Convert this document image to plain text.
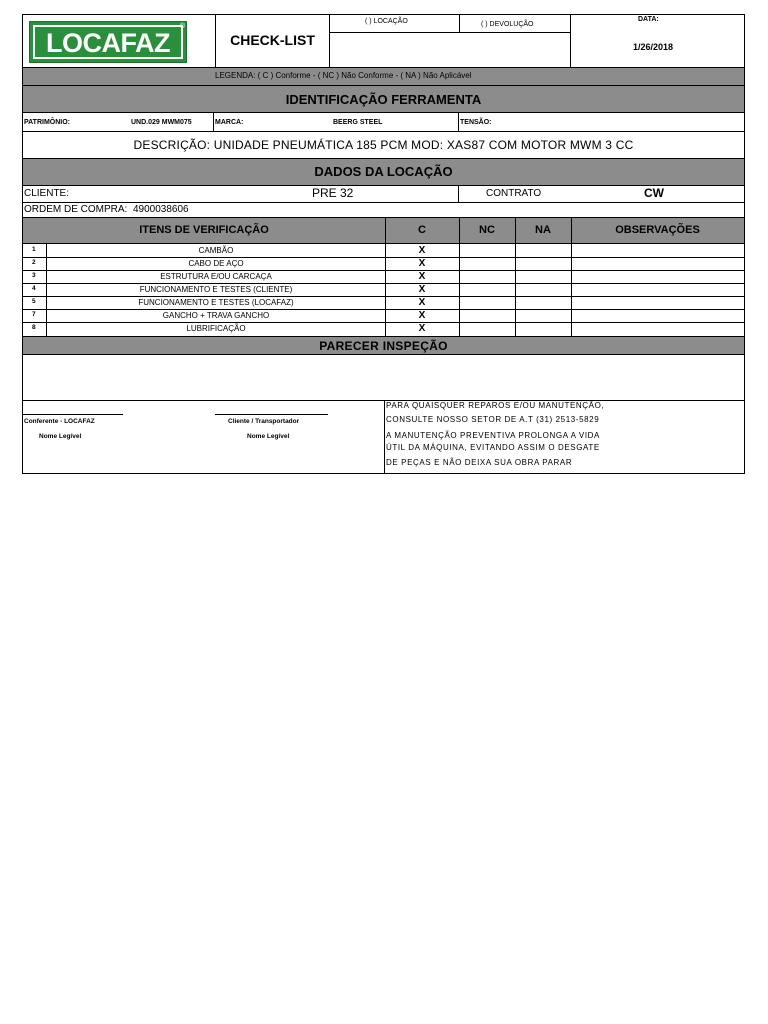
LOCAFAZ
®
CHECK-LIST
( ) LOCAÇÃO	( ) DEVOLUÇÃO
DATA:
1/26/2018
LEGENDA: ( C ) Conforme - ( NC ) Não Conforme - ( NA ) Não Aplicável
IDENTIFICAÇÃO FERRAMENTA
PATRIMÔNIO:	UND.029 MWM075	MARCA:	BEERG STEEL	TENSÃO:
DESCRIÇÃO: UNIDADE PNEUMÁTICA 185 PCM MOD: XAS87 COM MOTOR MWM 3 CC
DADOS DA LOCAÇÃO
CLIENTE:	PRE 32	CONTRATO	CW
ORDEM DE COMPRA: 4900038606
ITENS DE VERIFICAÇÃO	C	NC	NA	OBSERVAÇÕES
1	CAMBÃO	X
2	CABO DE AÇO	X
3	ESTRUTURA E/OU CARCAÇA	X
4	FUNCIONAMENTO E TESTES (CLIENTE)	X
5	FUNCIONAMENTO E TESTES (LOCAFAZ)	X
7	GANCHO + TRAVA GANCHO	X
8	LUBRIFICAÇÃO	X
PARECER INSPEÇÃO
Conferente - LOCAFAZ
Nome Legível
Cliente / Transportador
Nome Legível
PARA QUAISQUER REPAROS E/OU MANUTENÇÃO,
CONSULTE NOSSO SETOR DE A.T (31) 2513-5829
A MANUTENÇÃO PREVENTIVA PROLONGA A VIDA
ÚTIL DA MÁQUINA, EVITANDO ASSIM O DESGATE
DE PEÇAS E NÃO DEIXA SUA OBRA PARAR
